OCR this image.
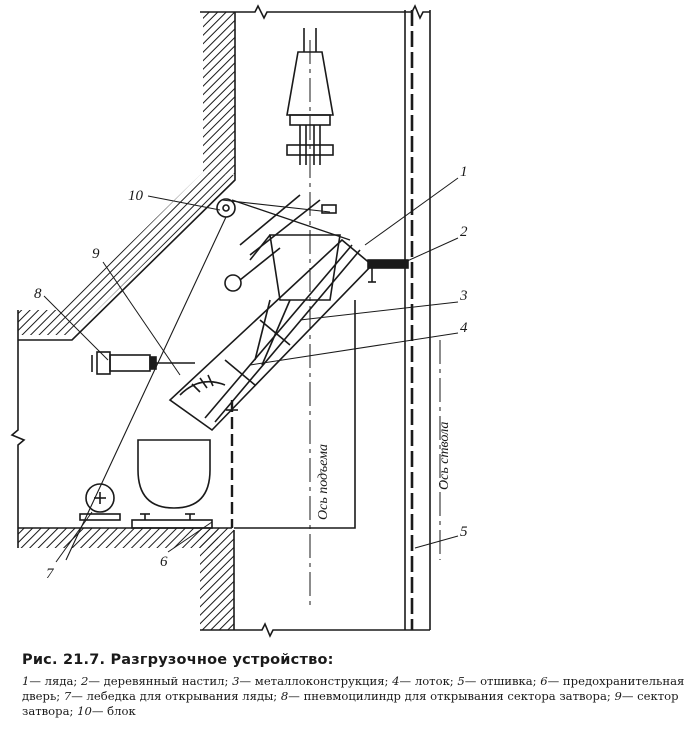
1
2
3
4
5
6
7
8
9
10
Ось подъема	Ось ствола

Рис. 21.7. Разгрузочное устройство:

1— ляда; 2— деревянный настил; 3— металлоконструкция; 4— лоток; 5— отшивка; 6— предохранительная дверь; 7— лебедка для открывания ляды; 8— пневмоцилиндр для открывания сектора затвора; 9— сектор затвора; 10— блок
